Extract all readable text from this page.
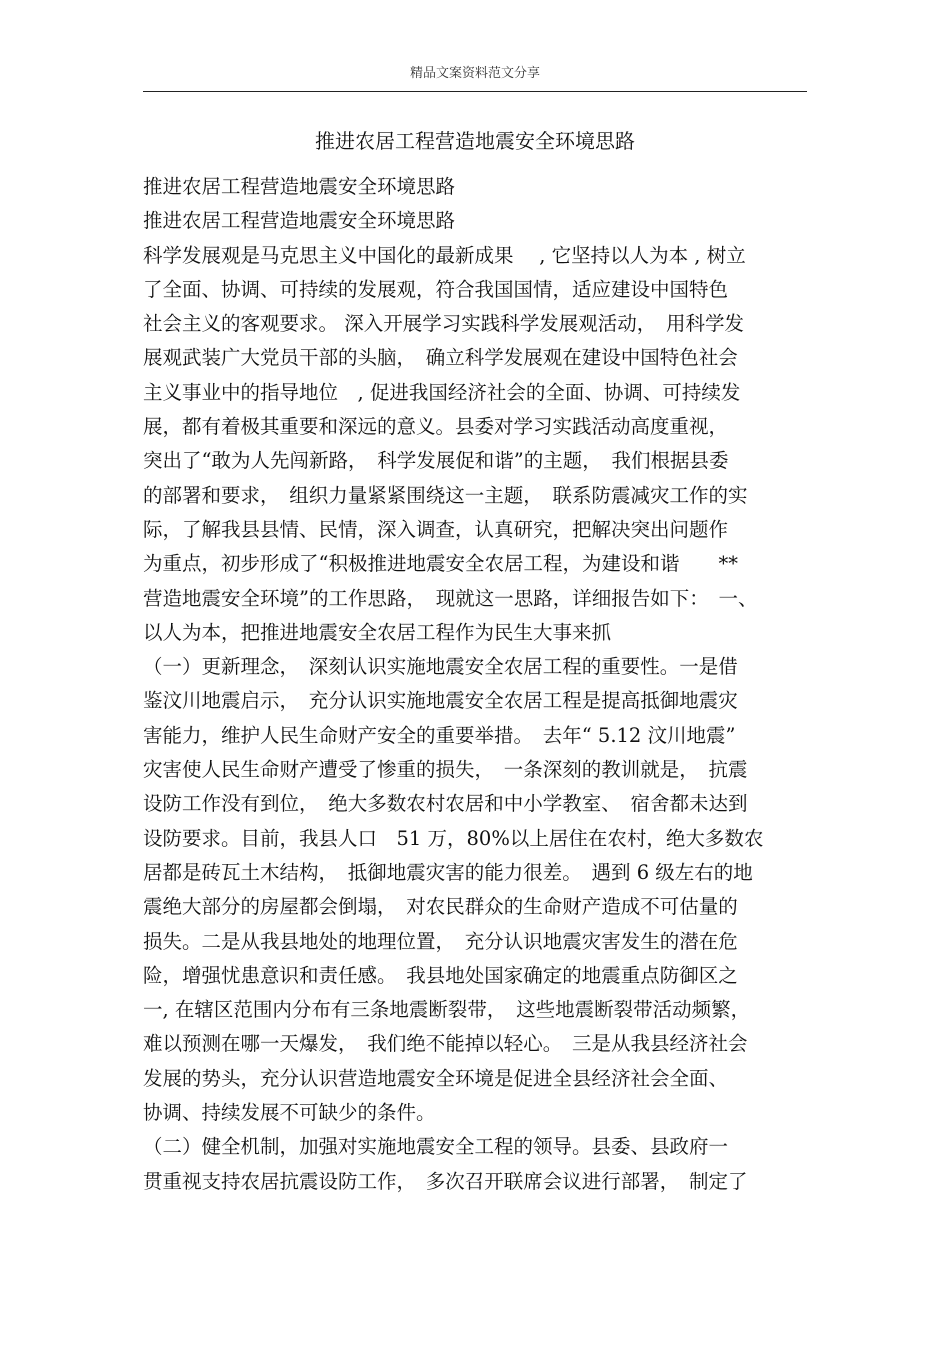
精品文案资料范文分享
推进农居工程营造地震安全环境思路
推进农居工程营造地震安全环境思路
推进农居工程营造地震安全环境思路
科学发展观是马克思主义中国化的最新成果　 , 它坚持以人为本 , 树立
了全面、协调、可持续的发展观，符合我国国情，适应建设中国特色
社会主义的客观要求。 深入开展学习实践科学发展观活动，　用科学发
展观武装广大党员干部的头脑，　确立科学发展观在建设中国特色社会
主义事业中的指导地位　, 促进我国经济社会的全面、协调、可持续发
展，都有着极其重要和深远的意义。县委对学习实践活动高度重视，
突出了“敢为人先闯新路，　科学发展促和谐”的主题，　我们根据县委
的部署和要求，　组织力量紧紧围绕这一主题，　联系防震减灾工作的实
际，了解我县县情、民情，深入调查，认真研究，把解决突出问题作
为重点，初步形成了“积极推进地震安全农居工程，为建设和谐　　**
营造地震安全环境”的工作思路，　现就这一思路，详细报告如下：　一、
以人为本，把推进地震安全农居工程作为民生大事来抓
（一）更新理念，　深刻认识实施地震安全农居工程的重要性。一是借
鉴汶川地震启示，　充分认识实施地震安全农居工程是提高抵御地震灾
害能力，维护人民生命财产安全的重要举措。　去年“ 5.12 汶川地震”
灾害使人民生命财产遭受了惨重的损失，　一条深刻的教训就是，　抗震
设防工作没有到位，　绝大多数农村农居和中小学教室、　宿舍都未达到
设防要求。目前，我县人口　51 万，80%以上居住在农村，绝大多数农
居都是砖瓦土木结构，　抵御地震灾害的能力很差。　遇到 6 级左右的地
震绝大部分的房屋都会倒塌，　对农民群众的生命财产造成不可估量的
损失。二是从我县地处的地理位置，　充分认识地震灾害发生的潜在危
险，增强忧患意识和责任感。　我县地处国家确定的地震重点防御区之
一, 在辖区范围内分布有三条地震断裂带，　这些地震断裂带活动频繁，
难以预测在哪一天爆发，　我们绝不能掉以轻心。　三是从我县经济社会
发展的势头，充分认识营造地震安全环境是促进全县经济社会全面、
协调、持续发展不可缺少的条件。
（二）健全机制，加强对实施地震安全工程的领导。县委、县政府一
贯重视支持农居抗震设防工作，　多次召开联席会议进行部署，　制定了
